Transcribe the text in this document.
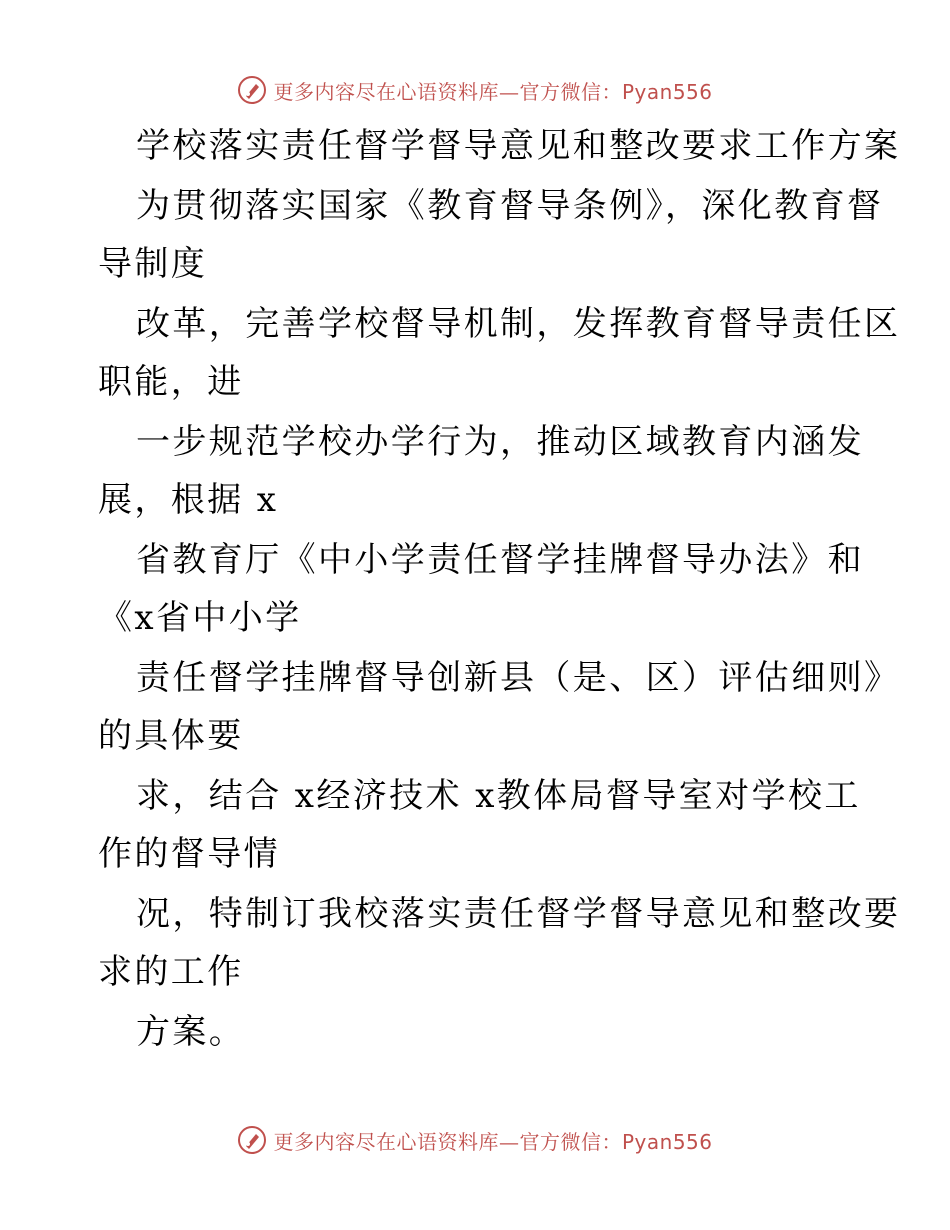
更多内容尽在心语资料库—官方微信：Pyan556
学校落实责任督学督导意见和整改要求工作方案
为贯彻落实国家《教育督导条例》，深化教育督
导制度
改革，完善学校督导机制，发挥教育督导责任区
职能，进
一步规范学校办学行为，推动区域教育内涵发
展，根据 x
省教育厅《中小学责任督学挂牌督导办法》和
《x省中小学
责任督学挂牌督导创新县（是、区）评估细则》
的具体要
求，结合 x经济技术 x教体局督导室对学校工
作的督导情
况，特制订我校落实责任督学督导意见和整改要
求的工作
方案。
更多内容尽在心语资料库—官方微信：Pyan556
